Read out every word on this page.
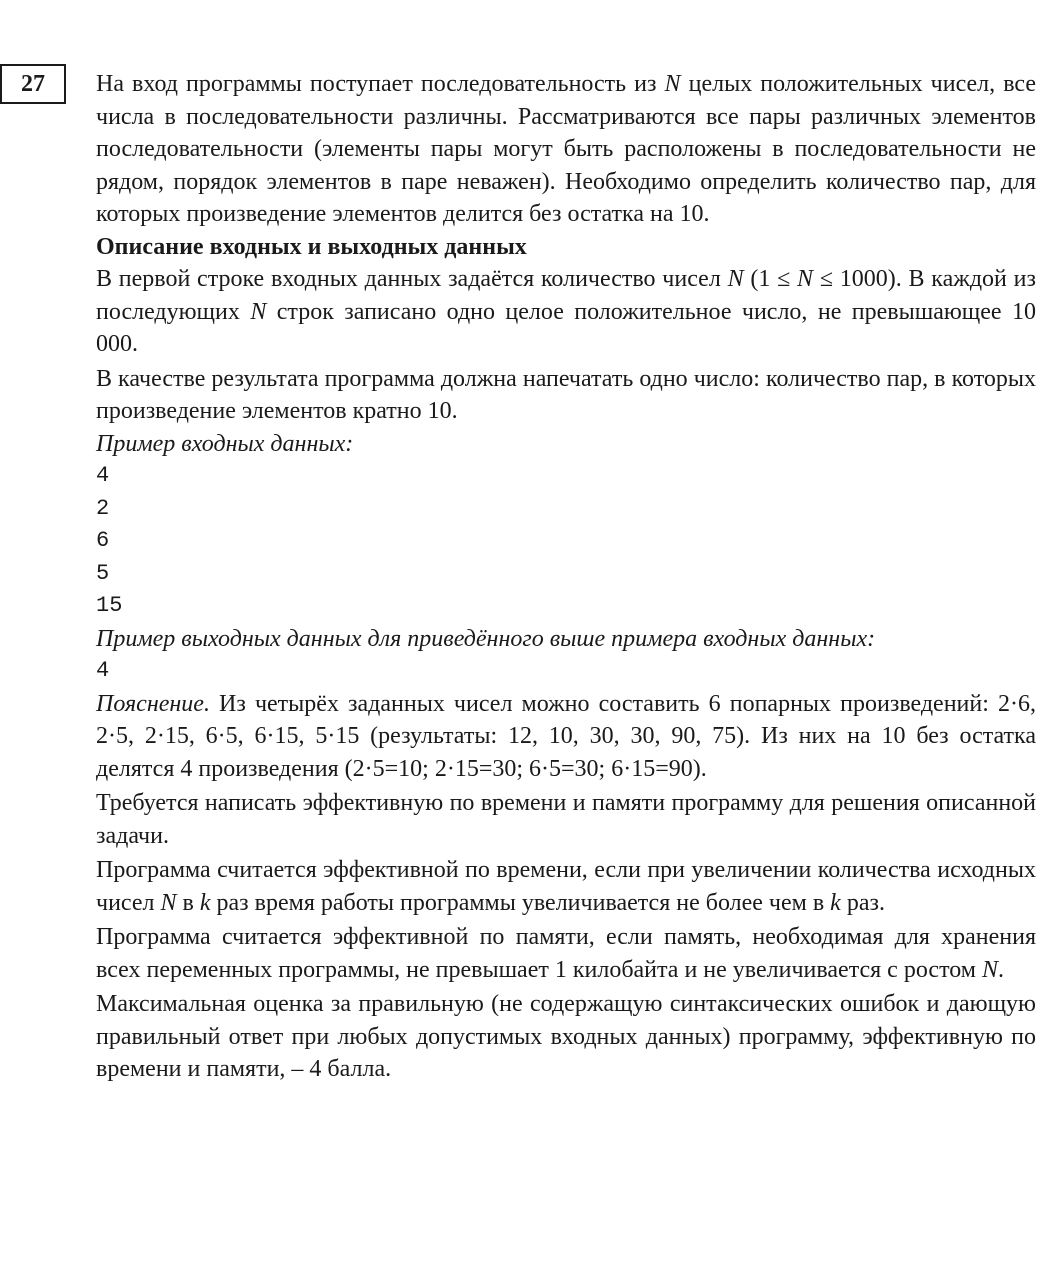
27 На вход программы поступает последовательность из N целых положительных чисел, все числа в последовательности различны. Рассматриваются все пары различных элементов последовательности (элементы пары могут быть расположены в последовательности не рядом, порядок элементов в паре неважен). Необходимо определить количество пар, для которых произведение элементов делится без остатка на 10.

Описание входных и выходных данных

В первой строке входных данных задаётся количество чисел N (1 ≤ N ≤ 1000). В каждой из последующих N строк записано одно целое положительное число, не превышающее 10 000.

В качестве результата программа должна напечатать одно число: количество пар, в которых произведение элементов кратно 10.

Пример входных данных:

4

2

6

5

15

Пример выходных данных для приведённого выше примера входных данных:

4

Пояснение. Из четырёх заданных чисел можно составить 6 попарных произведений: 2·6, 2·5, 2·15, 6·5, 6·15, 5·15 (результаты: 12, 10, 30, 30, 90, 75). Из них на 10 без остатка делятся 4 произведения (2·5=10; 2·15=30; 6·5=30; 6·15=90).

Требуется написать эффективную по времени и памяти программу для решения описанной задачи.

Программа считается эффективной по времени, если при увеличении количества исходных чисел N в k раз время работы программы увеличивается не более чем в k раз.

Программа считается эффективной по памяти, если память, необходимая для хранения всех переменных программы, не превышает 1 килобайта и не увеличивается с ростом N.

Максимальная оценка за правильную (не содержащую синтаксических ошибок и дающую правильный ответ при любых допустимых входных данных) программу, эффективную по времени и памяти, – 4 балла.
